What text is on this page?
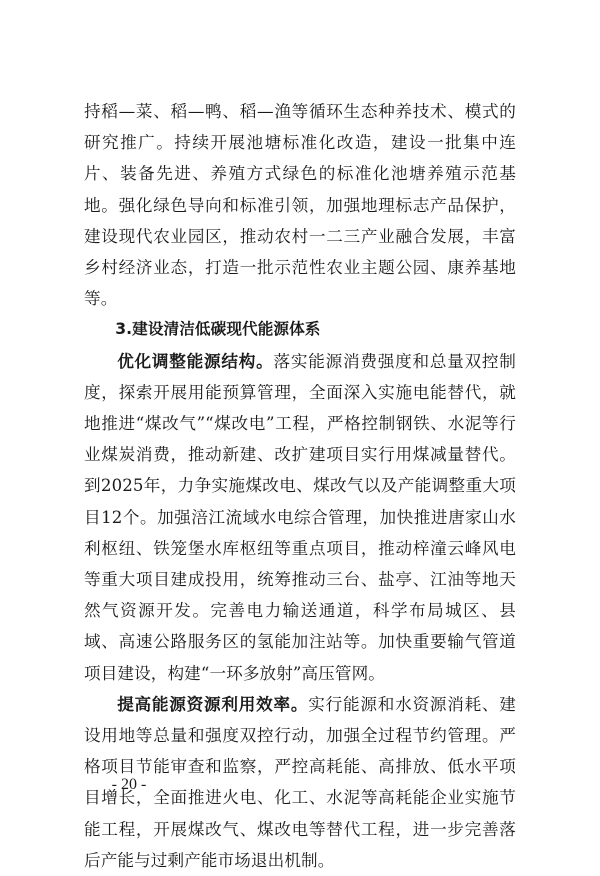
持稻—菜、稻—鸭、稻—渔等循环生态种养技术、模式的研究推广。持续开展池塘标准化改造，建设一批集中连片、装备先进、养殖方式绿色的标准化池塘养殖示范基地。强化绿色导向和标准引领，加强地理标志产品保护，建设现代农业园区，推动农村一二三产业融合发展，丰富乡村经济业态，打造一批示范性农业主题公园、康养基地等。

3.建设清洁低碳现代能源体系

优化调整能源结构。落实能源消费强度和总量双控制度，探索开展用能预算管理，全面深入实施电能替代，就地推进“煤改气”“煤改电”工程，严格控制钢铁、水泥等行业煤炭消费，推动新建、改扩建项目实行用煤减量替代。到2025年，力争实施煤改电、煤改气以及产能调整重大项目12个。加强涪江流域水电综合管理，加快推进唐家山水利枢纽、铁笼堡水库枢纽等重点项目，推动梓潼云峰风电等重大项目建成投用，统筹推动三台、盐亭、江油等地天然气资源开发。完善电力输送通道，科学布局城区、县域、高速公路服务区的氢能加注站等。加快重要输气管道项目建设，构建“一环多放射”高压管网。

提高能源资源利用效率。实行能源和水资源消耗、建设用地等总量和强度双控行动，加强全过程节约管理。严格项目节能审查和监察，严控高耗能、高排放、低水平项目增长，全面推进火电、化工、水泥等高耗能企业实施节能工程，开展煤改气、煤改电等替代工程，进一步完善落后产能与过剩产能市场退出机制。

- 20 -
